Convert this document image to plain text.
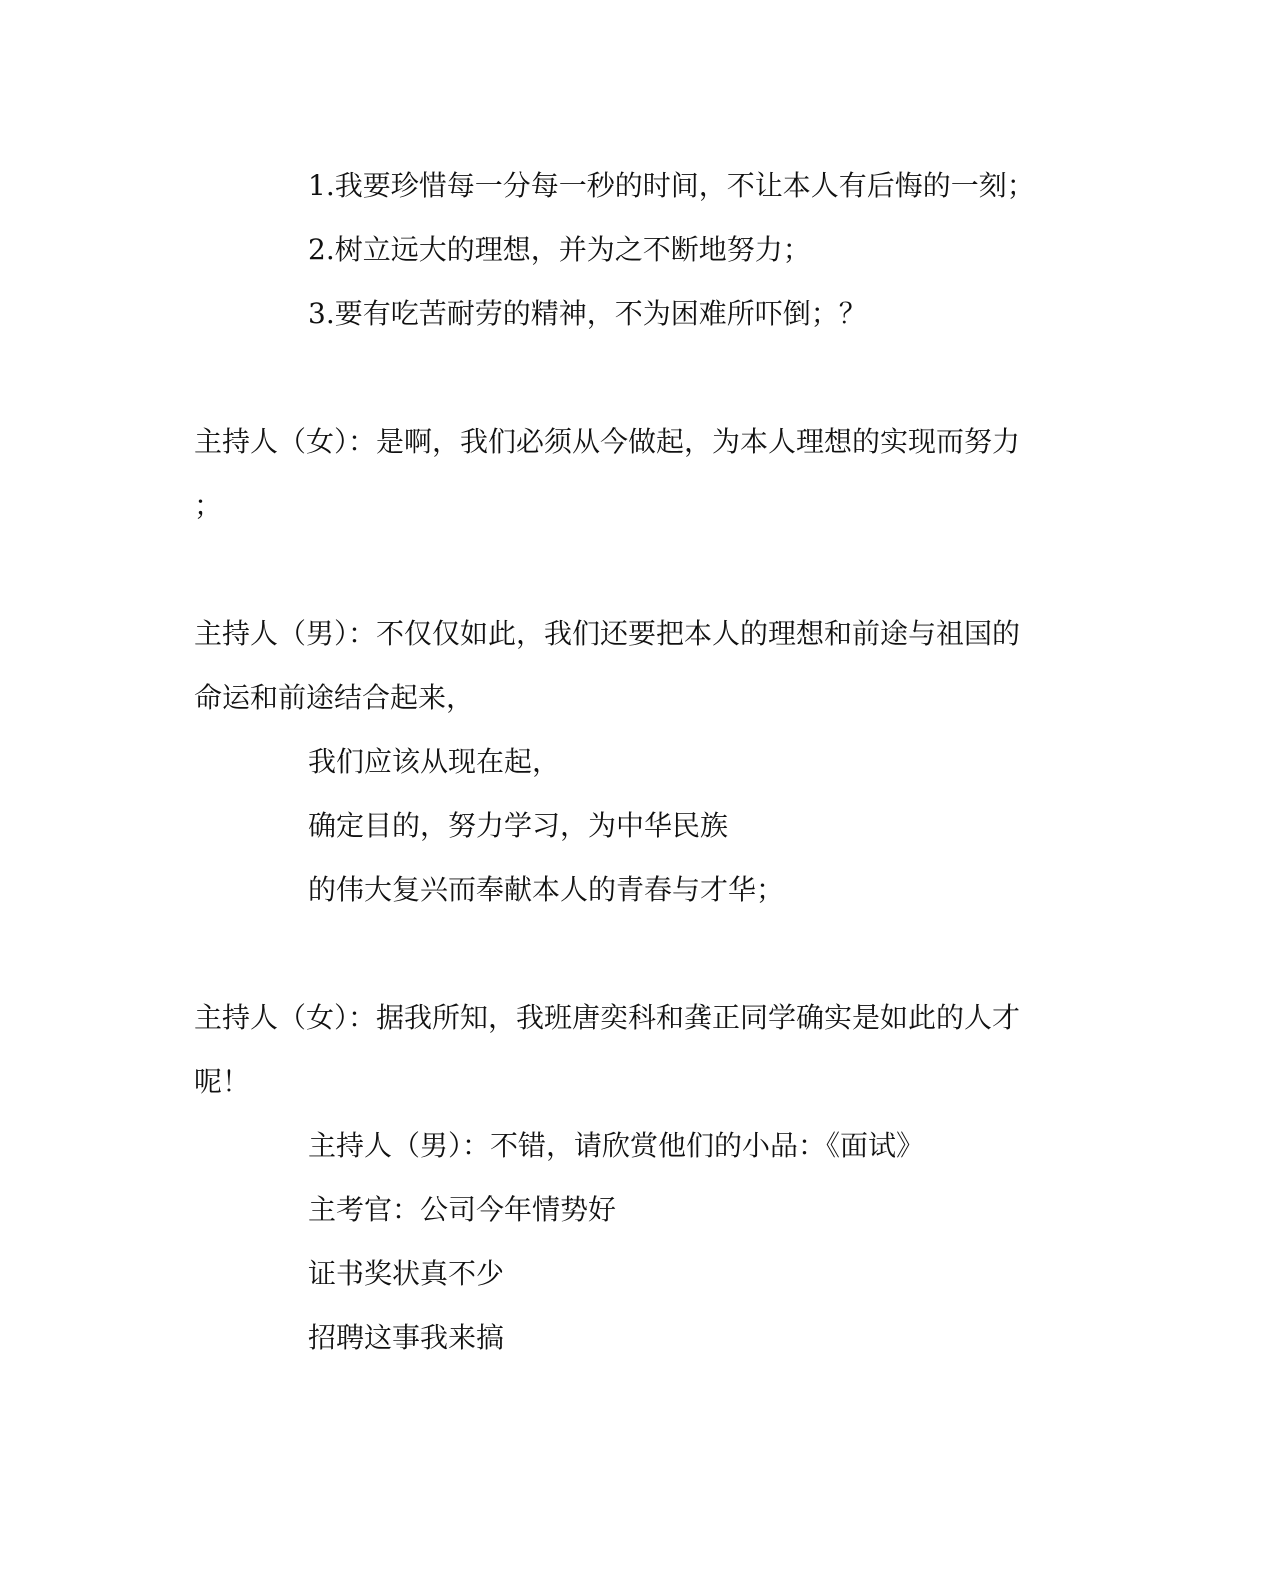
1.我要珍惜每一分每一秒的时间，不让本人有后悔的一刻；
2.树立远大的理想，并为之不断地努力；
3.要有吃苦耐劳的精神，不为困难所吓倒；？
主持人（女）：是啊，我们必须从今做起，为本人理想的实现而努力
；
主持人（男）：不仅仅如此，我们还要把本人的理想和前途与祖国的
命运和前途结合起来，
我们应该从现在起，
确定目的，努力学习，为中华民族
的伟大复兴而奉献本人的青春与才华；
主持人（女）：据我所知，我班唐奕科和龚正同学确实是如此的人才
呢！
主持人（男）：不错，请欣赏他们的小品：《面试》
主考官：公司今年情势好
证书奖状真不少
招聘这事我来搞
